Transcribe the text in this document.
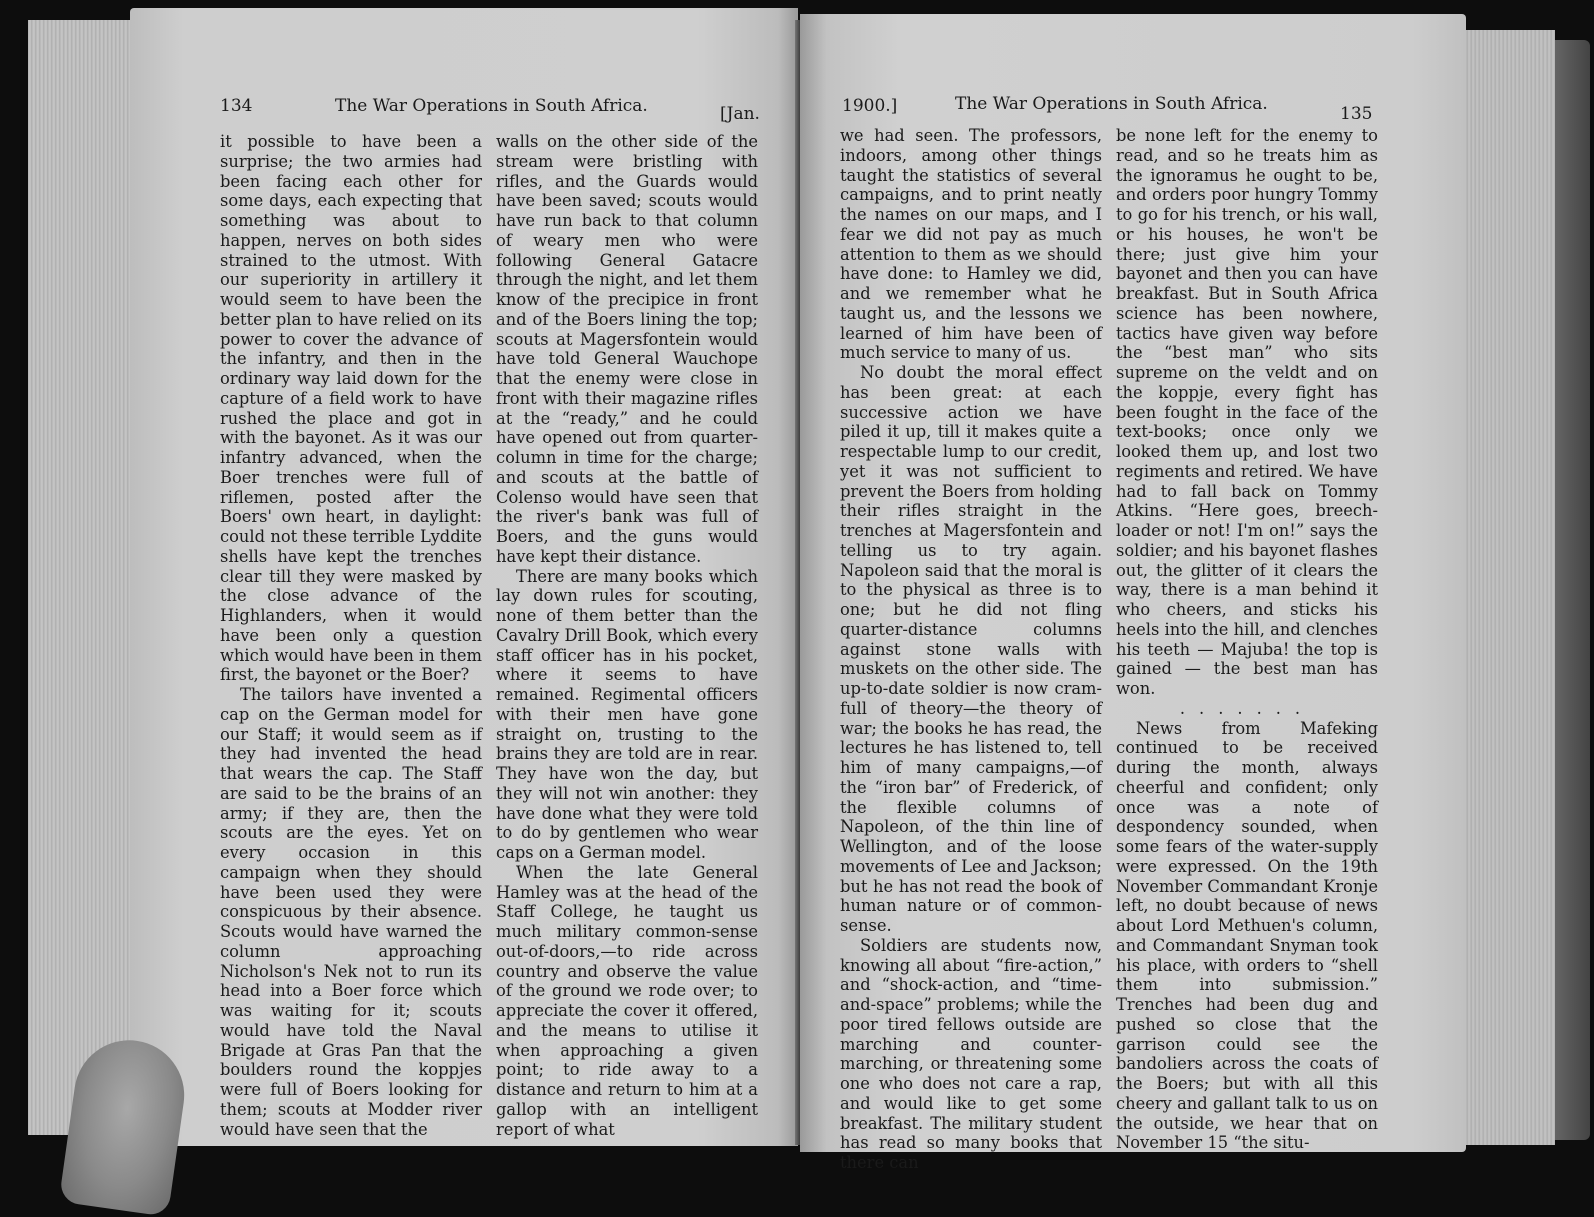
134	The War Operations in South Africa.	[Jan.

it possible to have been a surprise; the two armies had been facing each other for some days, each expecting that something was about to happen, nerves on both sides strained to the utmost. With our superiority in artillery it would seem to have been the better plan to have relied on its power to cover the advance of the infantry, and then in the ordinary way laid down for the capture of a field work to have rushed the place and got in with the bayonet. As it was our infantry advanced, when the Boer trenches were full of riflemen, posted after the Boers' own heart, in daylight: could not these terrible Lyddite shells have kept the trenches clear till they were masked by the close advance of the Highlanders, when it would have been only a question which would have been in them first, the bayonet or the Boer?

The tailors have invented a cap on the German model for our Staff; it would seem as if they had invented the head that wears the cap. The Staff are said to be the brains of an army; if they are, then the scouts are the eyes. Yet on every occasion in this campaign when they should have been used they were conspicuous by their absence. Scouts would have warned the column approaching Nicholson's Nek not to run its head into a Boer force which was waiting for it; scouts would have told the Naval Brigade at Gras Pan that the boulders round the koppjes were full of Boers looking for them; scouts at Modder river would have seen that the

walls on the other side of the stream were bristling with rifles, and the Guards would have been saved; scouts would have run back to that column of weary men who were following General Gatacre through the night, and let them know of the precipice in front and of the Boers lining the top; scouts at Magersfontein would have told General Wauchope that the enemy were close in front with their magazine rifles at the “ready,” and he could have opened out from quarter-column in time for the charge; and scouts at the battle of Colenso would have seen that the river's bank was full of Boers, and the guns would have kept their distance.

There are many books which lay down rules for scouting, none of them better than the Cavalry Drill Book, which every staff officer has in his pocket, where it seems to have remained. Regimental officers with their men have gone straight on, trusting to the brains they are told are in rear. They have won the day, but they will not win another: they have done what they were told to do by gentlemen who wear caps on a German model.

When the late General Hamley was at the head of the Staff College, he taught us much military common-sense out-of-doors,—to ride across country and observe the value of the ground we rode over; to appreciate the cover it offered, and the means to utilise it when approaching a given point; to ride away to a distance and return to him at a gallop with an intelligent report of what

1900.]	The War Operations in South Africa.	135

we had seen. The professors, indoors, among other things taught the statistics of several campaigns, and to print neatly the names on our maps, and I fear we did not pay as much attention to them as we should have done: to Hamley we did, and we remember what he taught us, and the lessons we learned of him have been of much service to many of us.

No doubt the moral effect has been great: at each successive action we have piled it up, till it makes quite a respectable lump to our credit, yet it was not sufficient to prevent the Boers from holding their rifles straight in the trenches at Magersfontein and telling us to try again. Napoleon said that the moral is to the physical as three is to one; but he did not fling quarter-distance columns against stone walls with muskets on the other side. The up-to-date soldier is now cram-full of theory—the theory of war; the books he has read, the lectures he has listened to, tell him of many campaigns,—of the “iron bar” of Frederick, of the flexible columns of Napoleon, of the thin line of Wellington, and of the loose movements of Lee and Jackson; but he has not read the book of human nature or of common-sense.

Soldiers are students now, knowing all about “fire-action,” and “shock-action, and “time-and-space” problems; while the poor tired fellows outside are marching and counter-marching, or threatening some one who does not care a rap, and would like to get some breakfast. The military student has read so many books that there can

be none left for the enemy to read, and so he treats him as the ignoramus he ought to be, and orders poor hungry Tommy to go for his trench, or his wall, or his houses, he won't be there; just give him your bayonet and then you can have breakfast. But in South Africa science has been nowhere, tactics have given way before the “best man” who sits supreme on the veldt and on the koppje, every fight has been fought in the face of the text-books; once only we looked them up, and lost two regiments and retired. We have had to fall back on Tommy Atkins. “Here goes, breech-loader or not! I'm on!” says the soldier; and his bayonet flashes out, the glitter of it clears the way, there is a man behind it who cheers, and sticks his heels into the hill, and clenches his teeth — Majuba! the top is gained — the best man has won.

.......

News from Mafeking continued to be received during the month, always cheerful and confident; only once was a note of despondency sounded, when some fears of the water-supply were expressed. On the 19th November Commandant Kronje left, no doubt because of news about Lord Methuen's column, and Commandant Snyman took his place, with orders to “shell them into submission.” Trenches had been dug and pushed so close that the garrison could see the bandoliers across the coats of the Boers; but with all this cheery and gallant talk to us on the outside, we hear that on November 15 “the situ-
